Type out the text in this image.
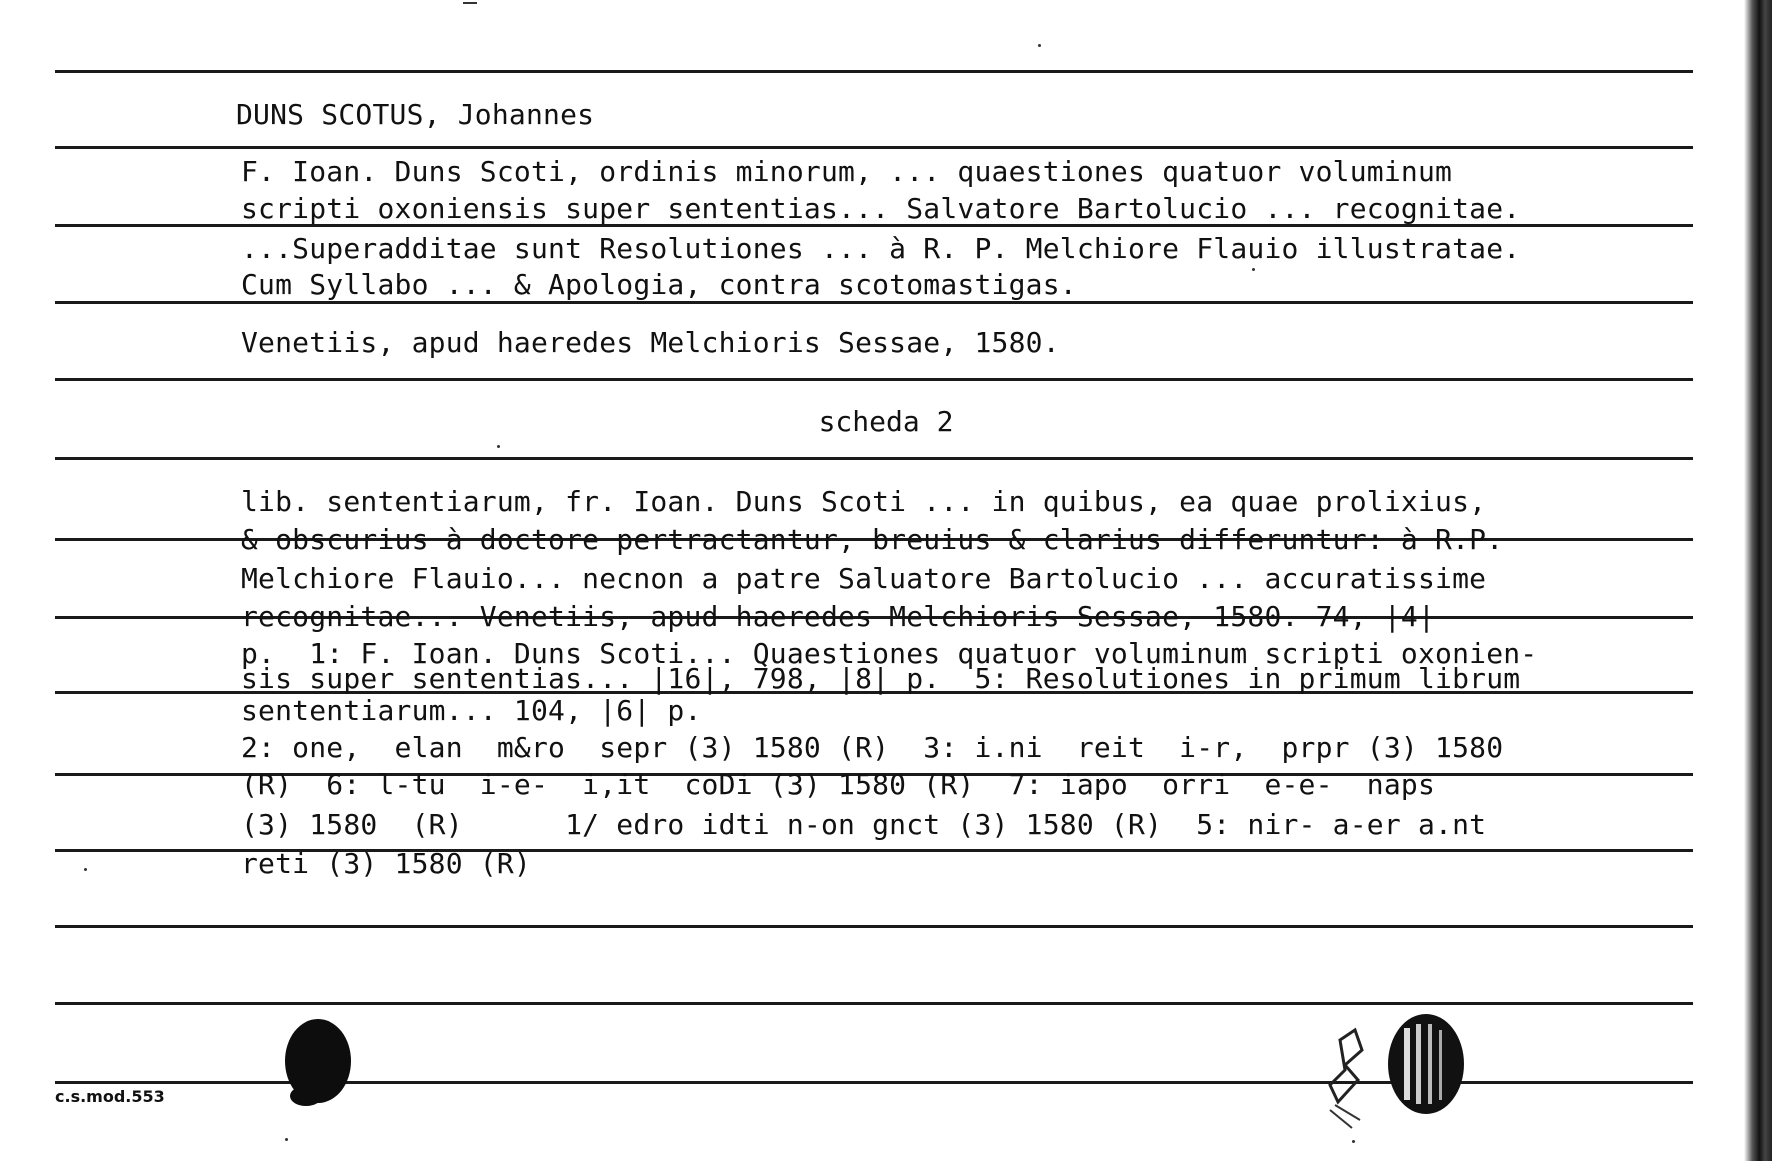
DUNS SCOTUS, Johannes
F. Ioan. Duns Scoti, ordinis minorum, ... quaestiones quatuor voluminum
scripti oxoniensis super sententias... Salvatore Bartolucio ... recognitae.
...Superadditae sunt Resolutiones ... à R. P. Melchiore Flauio illustratae.
Cum Syllabo ... & Apologia, contra scotomastigas.
Venetiis, apud haeredes Melchioris Sessae, 1580.
scheda 2
lib. sententiarum, fr. Ioan. Duns Scoti ... in quibus, ea quae prolixius,
& obscurius à doctore pertractantur, breuius & clarius differuntur: à R.P.
Melchiore Flauio... necnon a patre Saluatore Bartolucio ... accuratissime
recognitae... Venetiis, apud haeredes Melchioris Sessae, 1580. 74, |4|
p.  1: F. Ioan. Duns Scoti... Quaestiones quatuor voluminum scripti oxonien-
sis super sententias... |16|, 798, |8| p.  5: Resolutiones in primum librum
sententiarum... 104, |6| p.
2: one,  elan  m&ro  sepr (3) 1580 (R)  3: i.ni  reit  i-r,  prpr (3) 1580
(R)  6: l-tu  i-e-  i,it  coDi (3) 1580 (R)  7: iapo  orri  e-e-  naps
(3) 1580  (R)      1/ edro idti n-on gnct (3) 1580 (R)  5: nir- a-er a.nt
reti (3) 1580 (R)
c.s.mod.553
